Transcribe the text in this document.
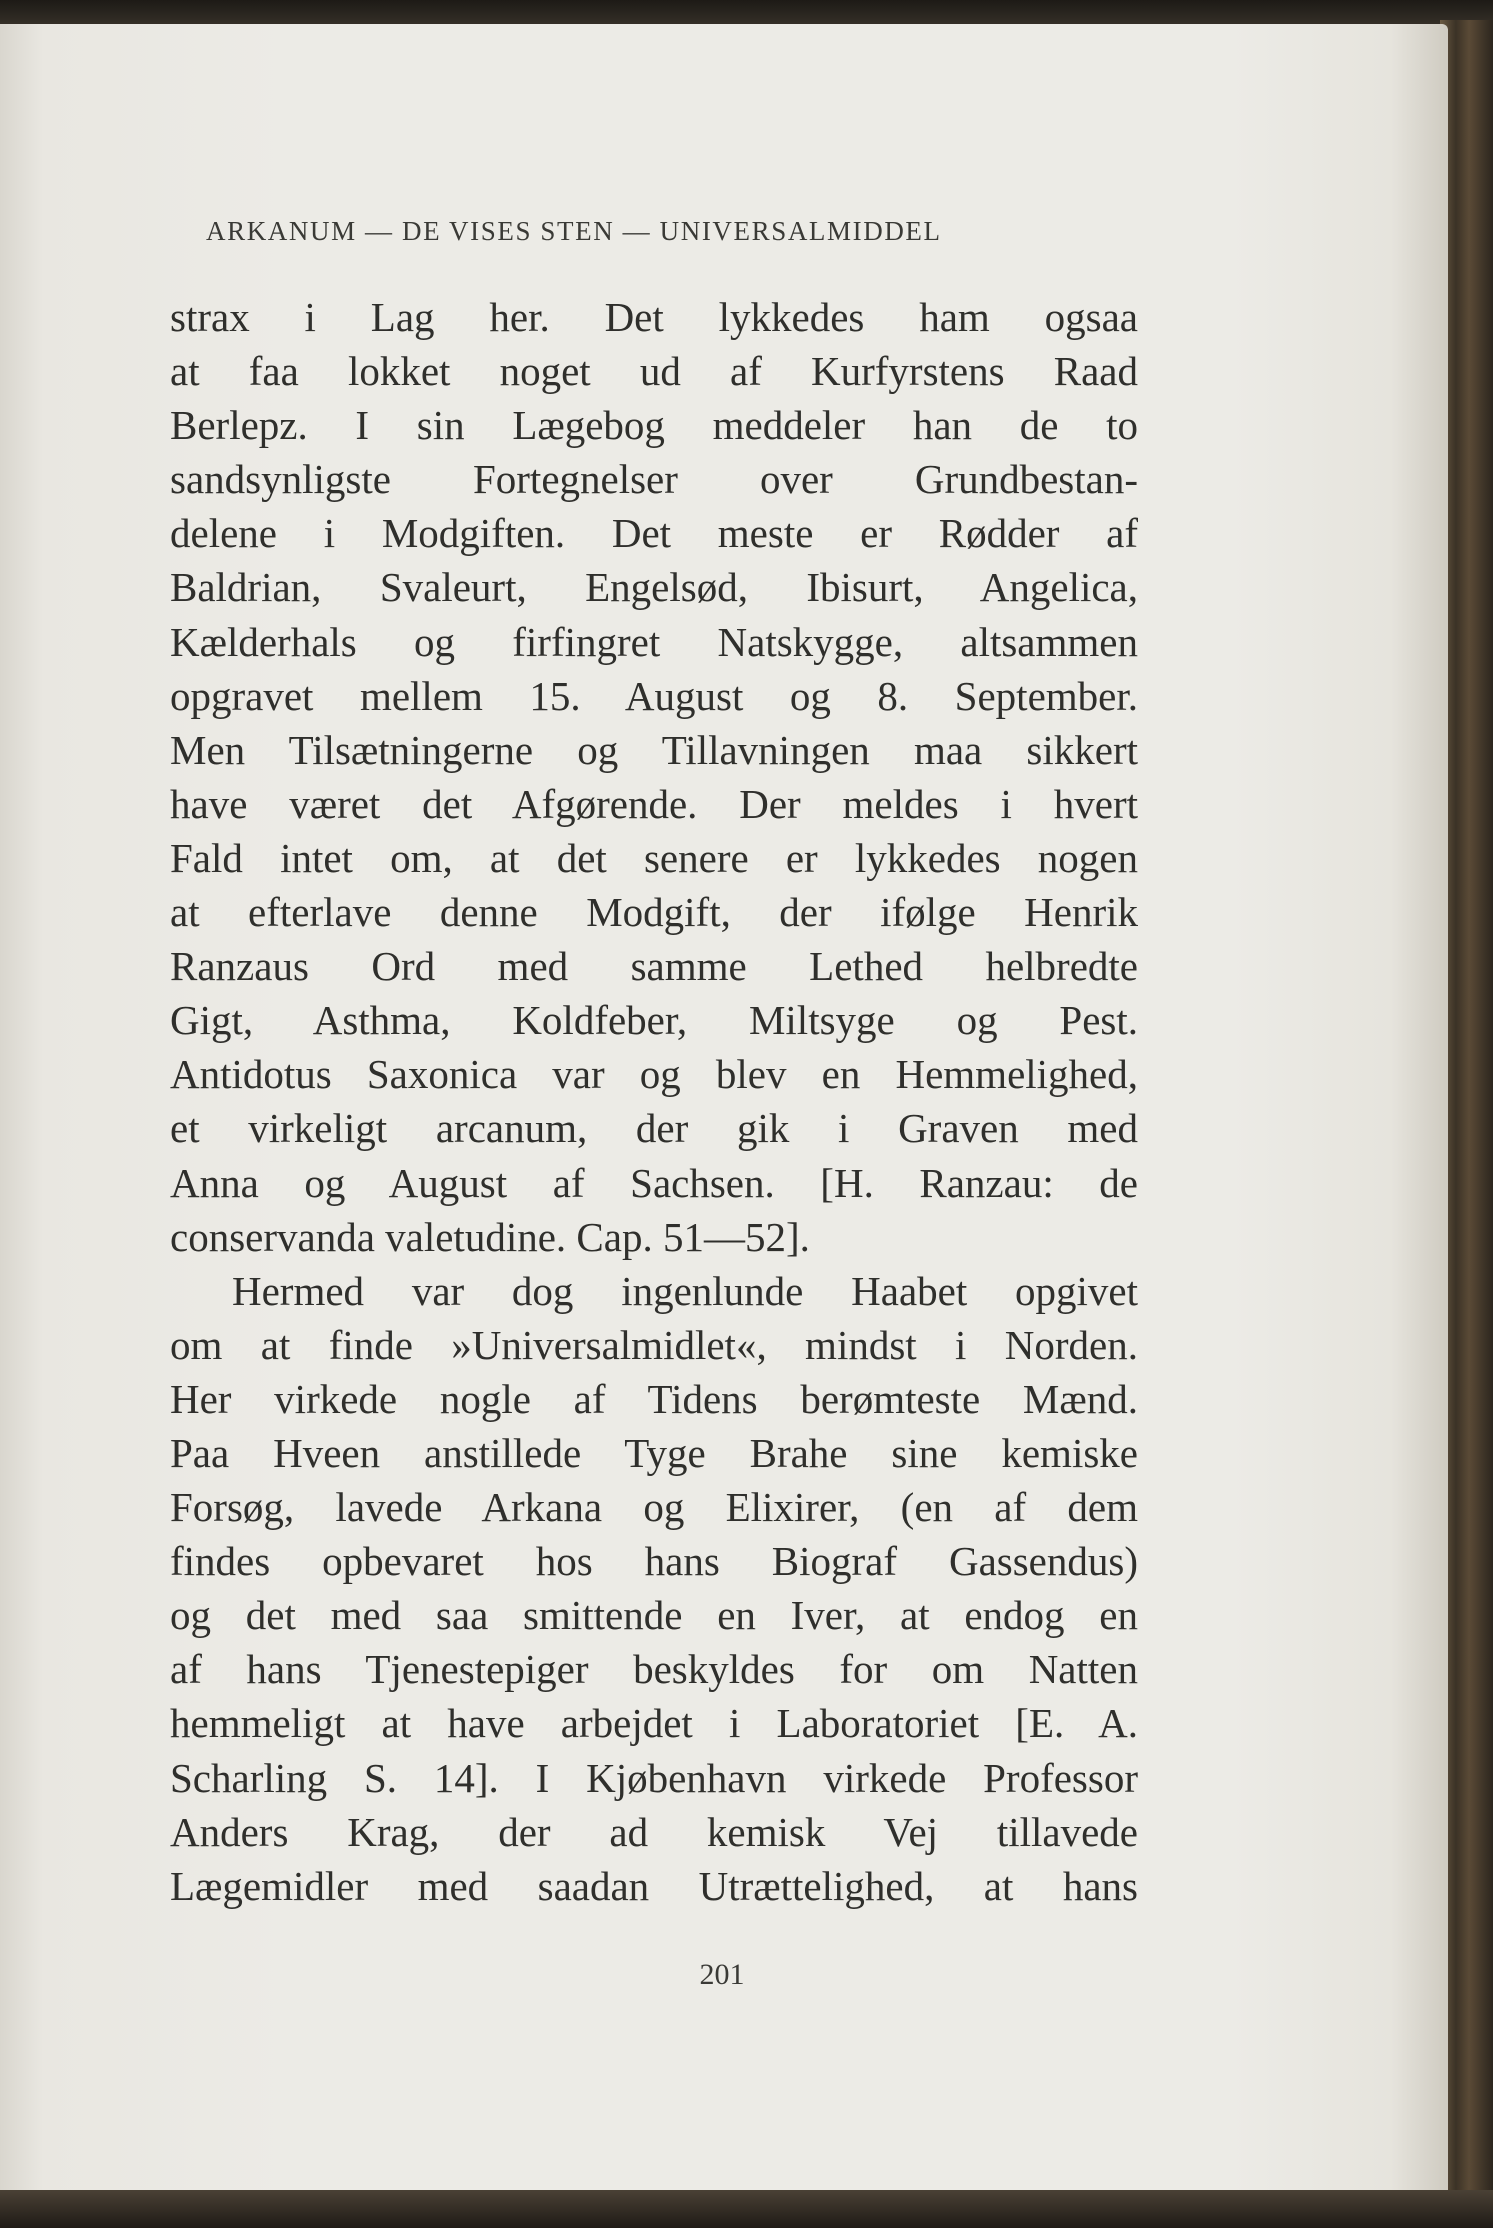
ARKANUM — DE VISES STEN — UNIVERSALMIDDEL
strax i Lag her. Det lykkedes ham ogsaa
at faa lokket noget ud af Kurfyrstens Raad
Berlepz. I sin Lægebog meddeler han de to
sandsynligste Fortegnelser over Grundbestan-
delene i Modgiften. Det meste er Rødder af
Baldrian, Svaleurt, Engelsød, Ibisurt, Angelica,
Kælderhals og firfingret Natskygge, altsammen
opgravet mellem 15. August og 8. September.
Men Tilsætningerne og Tillavningen maa sikkert
have været det Afgørende. Der meldes i hvert
Fald intet om, at det senere er lykkedes nogen
at efterlave denne Modgift, der ifølge Henrik
Ranzaus Ord med samme Lethed helbredte
Gigt, Asthma, Koldfeber, Miltsyge og Pest.
Antidotus Saxonica var og blev en Hemmelighed,
et virkeligt arcanum, der gik i Graven med
Anna og August af Sachsen. [H. Ranzau: de
conservanda valetudine. Cap. 51—52].
Hermed var dog ingenlunde Haabet opgivet
om at finde »Universalmidlet«, mindst i Norden.
Her virkede nogle af Tidens berømteste Mænd.
Paa Hveen anstillede Tyge Brahe sine kemiske
Forsøg, lavede Arkana og Elixirer, (en af dem
findes opbevaret hos hans Biograf Gassendus)
og det med saa smittende en Iver, at endog en
af hans Tjenestepiger beskyldes for om Natten
hemmeligt at have arbejdet i Laboratoriet [E. A.
Scharling S. 14]. I Kjøbenhavn virkede Professor
Anders Krag, der ad kemisk Vej tillavede
Lægemidler med saadan Utrættelighed, at hans
201
